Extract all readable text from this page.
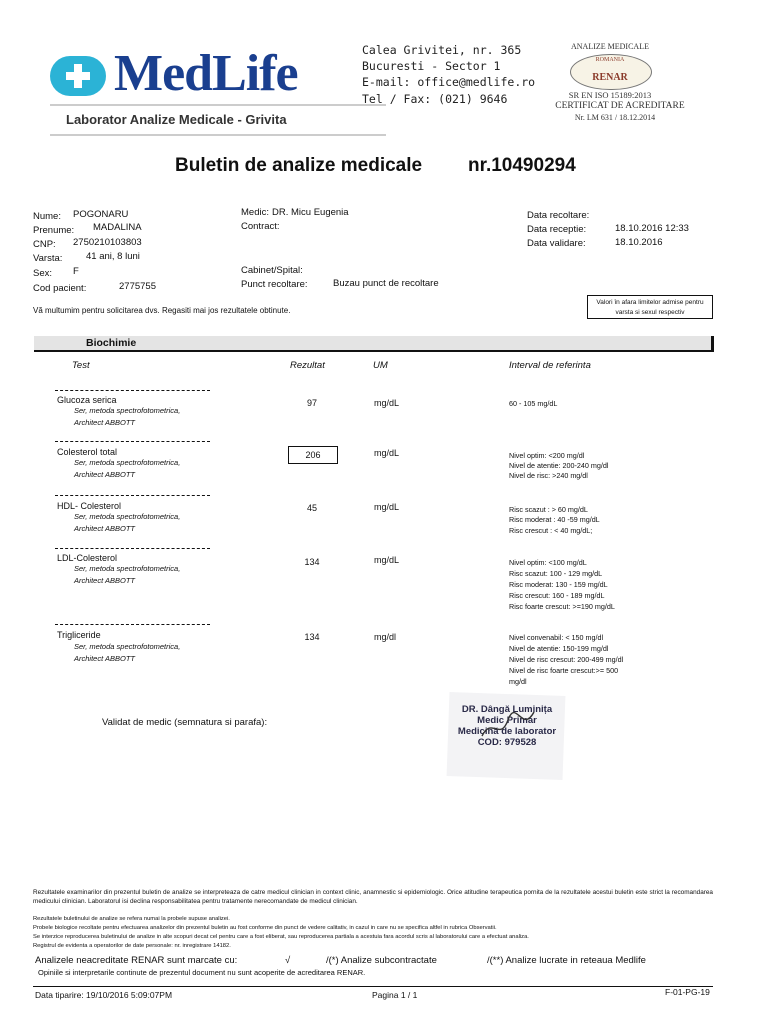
MedLife
Laborator Analize Medicale - Grivita
Calea Grivitei, nr. 365
Bucuresti - Sector 1
E-mail: office@medlife.ro
Tel / Fax: (021) 9646
ANALIZE MEDICALE
ROMANIA
RENAR
SR EN ISO 15189:2013
CERTIFICAT DE ACREDITARE
Nr. LM 631 / 18.12.2014
Buletin de analize medicale nr.10490294
Nume: POGONARU
Prenume: MADALINA
CNP: 2750210103803
Varsta: 41 ani, 8 luni
Sex: F
Cod pacient:	2775755
Medic: DR. Micu Eugenia
Contract:
Cabinet/Spital:
Punct recoltare:	Buzau punct de recoltare
Data recoltare:
Data receptie:	18.10.2016 12:33
Data validare:	18.10.2016
Vă multumim pentru solicitarea dvs. Regasiti mai jos rezultatele obtinute.
Valori în afara limitelor admise pentru varsta si sexul respectiv
Biochimie
Test	Rezultat	UM	Interval de referinta
Glucoza serica
Ser, metoda spectrofotometrica,
Architect ABBOTT
97	mg/dL	60 - 105 mg/dL
Colesterol total
Ser, metoda spectrofotometrica,
Architect ABBOTT
206	mg/dL	Nivel optim: <200 mg/dl
Nivel de atentie: 200-240 mg/dl
Nivel de risc: >240 mg/dl
HDL- Colesterol
Ser, metoda spectrofotometrica,
Architect ABBOTT
45	mg/dL	Risc scazut : > 60 mg/dL
Risc moderat : 40 -59 mg/dL
Risc crescut : < 40 mg/dL;
LDL-Colesterol
Ser, metoda spectrofotometrica,
Architect ABBOTT
134	mg/dL	Nivel optim: <100 mg/dL
Risc scazut: 100 - 129 mg/dL
Risc moderat: 130 - 159 mg/dL
Risc crescut: 160 - 189 mg/dL
Risc foarte crescut: >=190 mg/dL
Trigliceride
Ser, metoda spectrofotometrica,
Architect ABBOTT
134	mg/dl	Nivel convenabil: < 150 mg/dl
Nivel de atentie: 150-199 mg/dl
Nivel de risc crescut: 200-499 mg/dl
Nivel de risc foarte crescut:>= 500
mg/dl
Validat de medic (semnatura si parafa):
DR. Dângă Luminița
Medic Primar
Medicină de laborator
COD: 979528
Rezultatele examinarilor din prezentul buletin de analize se interpreteaza de catre medicul clinician in context clinic, anamnestic si epidemiologic. Orice atitudine terapeutica pornita de la rezultatele acestui buletin este strict la recomandarea medicului clinician. Laboratorul isi declina responsabilitatea pentru tratamente nerecomandate de medicul clinician.
Rezultatele buletinului de analize se refera numai la probele supuse analizei.
Probele biologice recoltate pentru efectuarea analizelor din prezentul buletin au fost conforme din punct de vedere calitativ, in cazul in care nu se specifica altfel in rubrica Observatii.
Se interzice reproducerea buletinului de analize in alte scopuri decat cel pentru care a fost eliberat, sau reproducerea partiala a acestuia fara acordul scris al laboratorului care a efectuat analiza.
Registrul de evidenta a operatorilor de date personale: nr. inregistrare 14182.
Analizele neacreditate RENAR sunt marcate cu:	√	/(*) Analize subcontractate	/(**) Analize lucrate in reteaua Medlife
Opiniile si interpretarile continute de prezentul document nu sunt acoperite de acreditarea RENAR.
Data tiparire: 19/10/2016 5:09:07PM	Pagina 1 / 1	F-01-PG-19
